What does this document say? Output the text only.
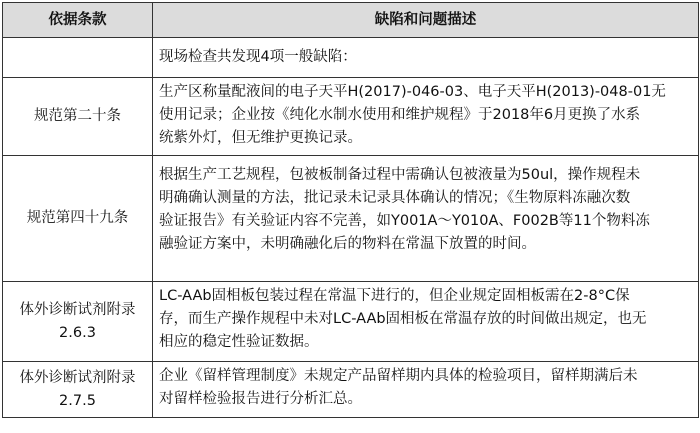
依据条款	缺陷和问题描述

	现场检查共发现4项一般缺陷：

规范第二十条	生产区称量配液间的电子天平H(2017)-046-03、电子天平H(2013)-048-01无
使用记录；企业按《纯化水制水使用和维护规程》于2018年6月更换了水系
统紫外灯，但无维护更换记录。

规范第四十九条	根据生产工艺规程，包被板制备过程中需确认包被液量为50ul，操作规程未
明确确认测量的方法，批记录未记录具体确认的情况；《生物原料冻融次数
验证报告》有关验证内容不完善，如Y001A～Y010A、F002B等11个物料冻
融验证方案中，未明确融化后的物料在常温下放置的时间。

体外诊断试剂附录
2.6.3	LC-AAb固相板包装过程在常温下进行的，但企业规定固相板需在2-8°C保
存，而生产操作规程中未对LC-AAb固相板在常温存放的时间做出规定，也无
相应的稳定性验证数据。

体外诊断试剂附录
2.7.5	企业《留样管理制度》未规定产品留样期内具体的检验项目，留样期满后未
对留样检验报告进行分析汇总。
